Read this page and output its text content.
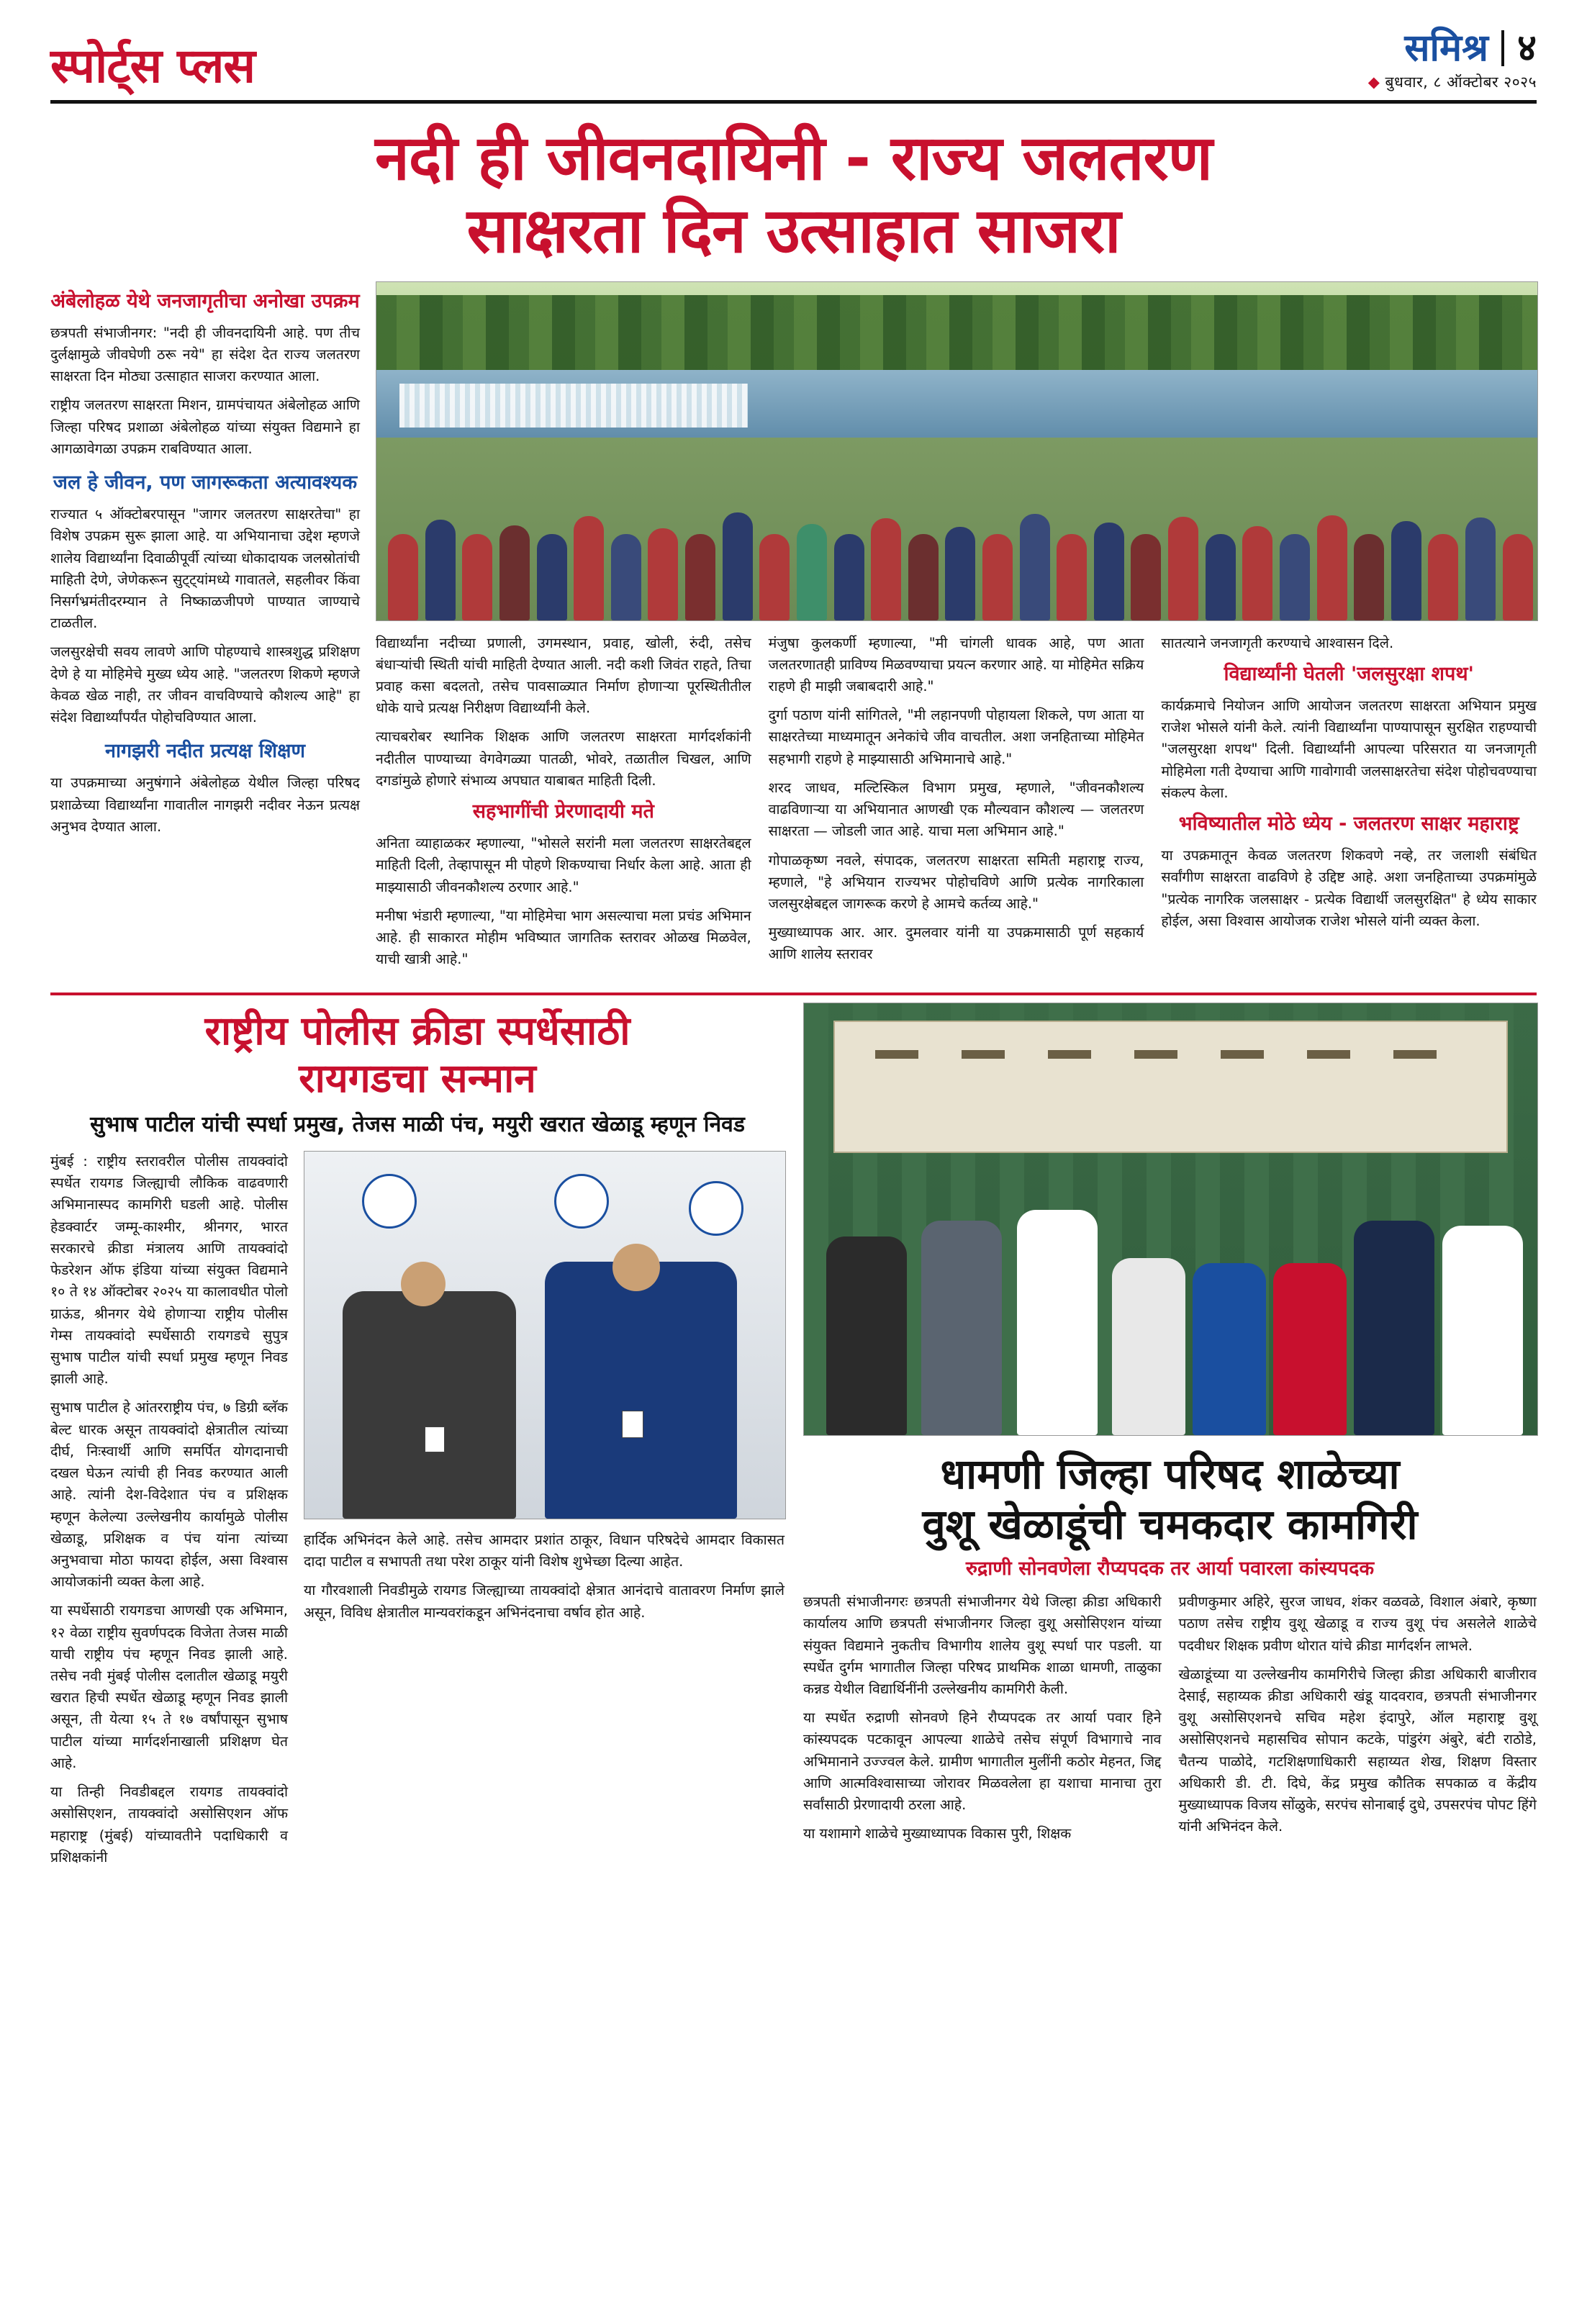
स्पोर्ट्स प्लस	समिश्र ४
◆ बुधवार, ८ ऑक्टोबर २०२५
नदी ही जीवनदायिनी - राज्य जलतरण
साक्षरता दिन उत्साहात साजरा
अंबेलोहळ येथे जनजागृतीचा अनोखा उपक्रम

छत्रपती संभाजीनगर: "नदी ही जीवनदायिनी आहे. पण तीच दुर्लक्षामुळे जीवघेणी ठरू नये" हा संदेश देत राज्य जलतरण साक्षरता दिन मोठ्या उत्साहात साजरा करण्यात आला.

राष्ट्रीय जलतरण साक्षरता मिशन, ग्रामपंचायत अंबेलोहळ आणि जिल्हा परिषद प्रशाळा अंबेलोहळ यांच्या संयुक्त विद्यमाने हा आगळावेगळा उपक्रम राबविण्यात आला.

जल हे जीवन, पण जागरूकता अत्यावश्यक

राज्यात ५ ऑक्टोबरपासून "जागर जलतरण साक्षरतेचा" हा विशेष उपक्रम सुरू झाला आहे. या अभियानाचा उद्देश म्हणजे शालेय विद्यार्थ्यांना दिवाळीपूर्वी त्यांच्या धोकादायक जलस्रोतांची माहिती देणे, जेणेकरून सुट्ट्यांमध्ये गावातले, सहलीवर किंवा निसर्गभ्रमंतीदरम्यान ते निष्काळजीपणे पाण्यात जाण्याचे टाळतील.

जलसुरक्षेची सवय लावणे आणि पोहण्याचे शास्त्रशुद्ध प्रशिक्षण देणे हे या मोहिमेचे मुख्य ध्येय आहे. "जलतरण शिकणे म्हणजे केवळ खेळ नाही, तर जीवन वाचविण्याचे कौशल्य आहे" हा संदेश विद्यार्थ्यांपर्यंत पोहोचविण्यात आला.

नागझरी नदीत प्रत्यक्ष शिक्षण

या उपक्रमाच्या अनुषंगाने अंबेलोहळ येथील जिल्हा परिषद प्रशाळेच्या विद्यार्थ्यांना गावातील नागझरी नदीवर नेऊन प्रत्यक्ष अनुभव देण्यात आला.

विद्यार्थ्यांना नदीच्या प्रणाली, उगमस्थान, प्रवाह, खोली, रुंदी, तसेच बंधाऱ्यांची स्थिती यांची माहिती देण्यात आली. नदी कशी जिवंत राहते, तिचा प्रवाह कसा बदलतो, तसेच पावसाळ्यात निर्माण होणाऱ्या पूरस्थितीतील धोके याचे प्रत्यक्ष निरीक्षण विद्यार्थ्यांनी केले.

त्याचबरोबर स्थानिक शिक्षक आणि जलतरण साक्षरता मार्गदर्शकांनी नदीतील पाण्याच्या वेगवेगळ्या पातळी, भोवरे, तळातील चिखल, आणि दगडांमुळे होणारे संभाव्य अपघात याबाबत माहिती दिली.

सहभागींची प्रेरणादायी मते

अनिता व्याहाळकर म्हणाल्या, "भोसले सरांनी मला जलतरण साक्षरतेबद्दल माहिती दिली, तेव्हापासून मी पोहणे शिकण्याचा निर्धार केला आहे. आता ही माझ्यासाठी जीवनकौशल्य ठरणार आहे."

मनीषा भंडारी म्हणाल्या, "या मोहिमेचा भाग असल्याचा मला प्रचंड अभिमान आहे. ही साकारत मोहीम भविष्यात जागतिक स्तरावर ओळख मिळवेल, याची खात्री आहे."

मंजुषा कुलकर्णी म्हणाल्या, "मी चांगली धावक आहे, पण आता जलतरणातही प्राविण्य मिळवण्याचा प्रयत्न करणार आहे. या मोहिमेत सक्रिय राहणे ही माझी जबाबदारी आहे."

दुर्गा पठाण यांनी सांगितले, "मी लहानपणी पोहायला शिकले, पण आता या साक्षरतेच्या माध्यमातून अनेकांचे जीव वाचतील. अशा जनहिताच्या मोहिमेत सहभागी राहणे हे माझ्यासाठी अभिमानाचे आहे."

शरद जाधव, मल्टिस्किल विभाग प्रमुख, म्हणाले, "जीवनकौशल्य वाढविणाऱ्या या अभियानात आणखी एक मौल्यवान कौशल्य — जलतरण साक्षरता — जोडली जात आहे. याचा मला अभिमान आहे."

गोपाळकृष्ण नवले, संपादक, जलतरण साक्षरता समिती महाराष्ट्र राज्य, म्हणाले, "हे अभियान राज्यभर पोहोचविणे आणि प्रत्येक नागरिकाला जलसुरक्षेबद्दल जागरूक करणे हे आमचे कर्तव्य आहे."

मुख्याध्यापक आर. आर. दुमलवार यांनी या उपक्रमासाठी पूर्ण सहकार्य आणि शालेय स्तरावर

सातत्याने जनजागृती करण्याचे आश्वासन दिले.

विद्यार्थ्यांनी घेतली 'जलसुरक्षा शपथ'

कार्यक्रमाचे नियोजन आणि आयोजन जलतरण साक्षरता अभियान प्रमुख राजेश भोसले यांनी केले. त्यांनी विद्यार्थ्यांना पाण्यापासून सुरक्षित राहण्याची "जलसुरक्षा शपथ" दिली. विद्यार्थ्यांनी आपल्या परिसरात या जनजागृती मोहिमेला गती देण्याचा आणि गावोगावी जलसाक्षरतेचा संदेश पोहोचवण्याचा संकल्प केला.

भविष्यातील मोठे ध्येय - जलतरण साक्षर महाराष्ट्र

या उपक्रमातून केवळ जलतरण शिकवणे नव्हे, तर जलाशी संबंधित सर्वांगीण साक्षरता वाढविणे हे उद्दिष्ट आहे. अशा जनहिताच्या उपक्रमांमुळे "प्रत्येक नागरिक जलसाक्षर - प्रत्येक विद्यार्थी जलसुरक्षित" हे ध्येय साकार होईल, असा विश्वास आयोजक राजेश भोसले यांनी व्यक्त केला.

राष्ट्रीय पोलीस क्रीडा स्पर्धेसाठी
रायगडचा सन्मान
सुभाष पाटील यांची स्पर्धा प्रमुख, तेजस माळी पंच, मयुरी खरात खेळाडू म्हणून निवड

मुंबई : राष्ट्रीय स्तरावरील पोलीस तायक्वांदो स्पर्धेत रायगड जिल्ह्याची लौकिक वाढवणारी अभिमानास्पद कामगिरी घडली आहे. पोलीस हेडक्वार्टर जम्मू-काश्मीर, श्रीनगर, भारत सरकारचे क्रीडा मंत्रालय आणि तायक्वांदो फेडरेशन ऑफ इंडिया यांच्या संयुक्त विद्यमाने १० ते १४ ऑक्टोबर २०२५ या कालावधीत पोलो ग्राऊंड, श्रीनगर येथे होणाऱ्या राष्ट्रीय पोलीस गेम्स तायक्वांदो स्पर्धेसाठी रायगडचे सुपुत्र सुभाष पाटील यांची स्पर्धा प्रमुख म्हणून निवड झाली आहे.

सुभाष पाटील हे आंतरराष्ट्रीय पंच, ७ डिग्री ब्लॅक बेल्ट धारक असून तायक्वांदो क्षेत्रातील त्यांच्या दीर्घ, निःस्वार्थी आणि समर्पित योगदानाची दखल घेऊन त्यांची ही निवड करण्यात आली आहे. त्यांनी देश-विदेशात पंच व प्रशिक्षक म्हणून केलेल्या उल्लेखनीय कार्यामुळे पोलीस खेळाडू, प्रशिक्षक व पंच यांना त्यांच्या अनुभवाचा मोठा फायदा होईल, असा विश्वास आयोजकांनी व्यक्त केला आहे.

या स्पर्धेसाठी रायगडचा आणखी एक अभिमान, १२ वेळा राष्ट्रीय सुवर्णपदक विजेता तेजस माळी याची राष्ट्रीय पंच म्हणून निवड झाली आहे. तसेच नवी मुंबई पोलीस दलातील खेळाडू मयुरी खरात हिची स्पर्धेत खेळाडू म्हणून निवड झाली असून, ती येत्या १५ ते १७ वर्षांपासून सुभाष पाटील यांच्या मार्गदर्शनाखाली प्रशिक्षण घेत आहे.

या तिन्ही निवडीबद्दल रायगड तायक्वांदो असोसिएशन, तायक्वांदो असोसिएशन ऑफ महाराष्ट्र (मुंबई) यांच्यावतीने पदाधिकारी व प्रशिक्षकांनी

हार्दिक अभिनंदन केले आहे. तसेच आमदार प्रशांत ठाकूर, विधान परिषदेचे आमदार विकासत दादा पाटील व सभापती तथा परेश ठाकूर यांनी विशेष शुभेच्छा दिल्या आहेत.

या गौरवशाली निवडीमुळे रायगड जिल्ह्याच्या तायक्वांदो क्षेत्रात आनंदाचे वातावरण निर्माण झाले असून, विविध क्षेत्रातील मान्यवरांकडून अभिनंदनाचा वर्षाव होत आहे.

धामणी जिल्हा परिषद शाळेच्या
वुशू खेळाडूंची चमकदार कामगिरी
रुद्राणी सोनवणेला रौप्यपदक तर आर्या पवारला कांस्यपदक

छत्रपती संभाजीनगरः छत्रपती संभाजीनगर येथे जिल्हा क्रीडा अधिकारी कार्यालय आणि छत्रपती संभाजीनगर जिल्हा वुशू असोसिएशन यांच्या संयुक्त विद्यमाने नुकतीच विभागीय शालेय वुशू स्पर्धा पार पडली. या स्पर्धेत दुर्गम भागातील जिल्हा परिषद प्राथमिक शाळा धामणी, ताळुका कन्नड येथील विद्यार्थिनींनी उल्लेखनीय कामगिरी केली.

या स्पर्धेत रुद्राणी सोनवणे हिने रौप्यपदक तर आर्या पवार हिने कांस्यपदक पटकावून आपल्या शाळेचे तसेच संपूर्ण विभागाचे नाव अभिमानाने उज्ज्वल केले. ग्रामीण भागातील मुलींनी कठोर मेहनत, जिद्द आणि आत्मविश्वासाच्या जोरावर मिळवलेला हा यशाचा मानाचा तुरा सर्वांसाठी प्रेरणादायी ठरला आहे.

या यशामागे शाळेचे मुख्याध्यापक विकास पुरी, शिक्षक

प्रवीणकुमार अहिरे, सुरज जाधव, शंकर वळवळे, विशाल अंबारे, कृष्णा पठाण तसेच राष्ट्रीय वुशू खेळाडू व राज्य वुशू पंच असलेले शाळेचे पदवीधर शिक्षक प्रवीण थोरात यांचे क्रीडा मार्गदर्शन लाभले.

खेळाडूंच्या या उल्लेखनीय कामगिरीचे जिल्हा क्रीडा अधिकारी बाजीराव देसाई, सहाय्यक क्रीडा अधिकारी खंडू यादवराव, छत्रपती संभाजीनगर वुशू असोसिएशनचे सचिव महेश इंदापुरे, ऑल महाराष्ट्र वुशू असोसिएशनचे महासचिव सोपान कटके, पांडुरंग अंबुरे, बंटी राठोडे, चैतन्य पाळोदे, गटशिक्षणाधिकारी सहाय्यत शेख, शिक्षण विस्तार अधिकारी डी. टी. दिघे, केंद्र प्रमुख कौतिक सपकाळ व केंद्रीय मुख्याध्यापक विजय सोंळुके, सरपंच सोनाबाई दुधे, उपसरपंच पोपट हिंगे यांनी अभिनंदन केले.
